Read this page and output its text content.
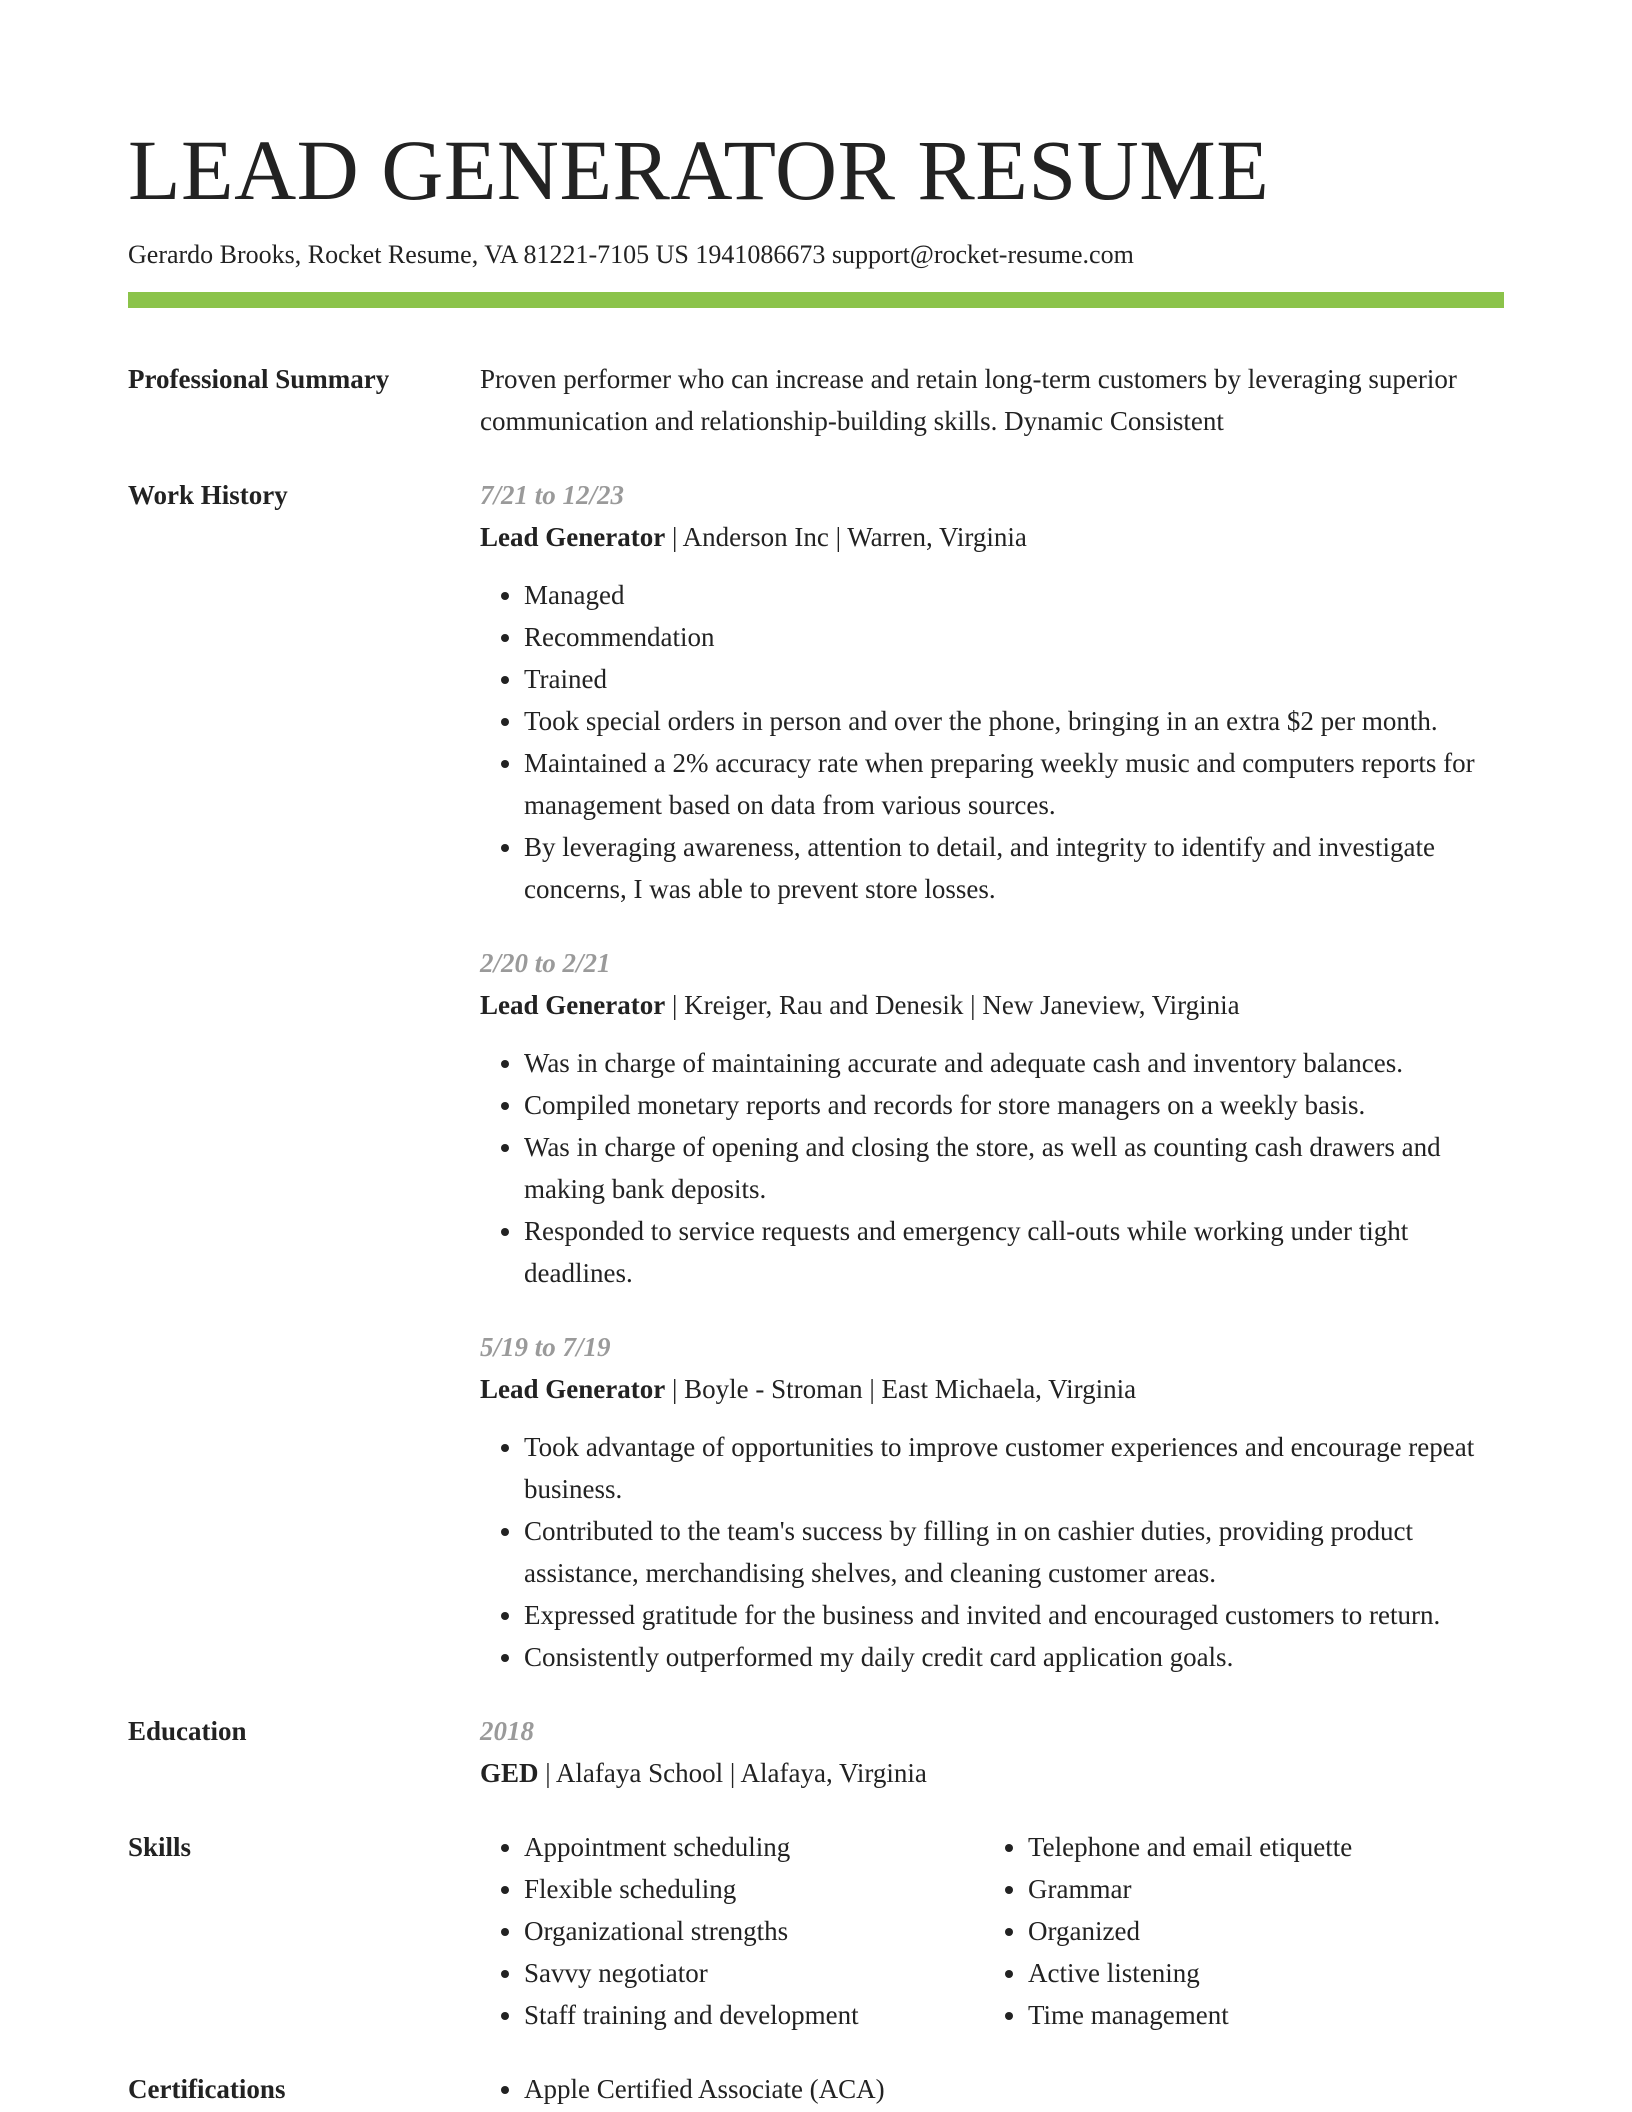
LEAD GENERATOR RESUME
Gerardo Brooks, Rocket Resume, VA 81221-7105 US 1941086673 support@rocket-resume.com
Professional Summary	Proven performer who can increase and retain long-term customers by leveraging superior communication and relationship-building skills. Dynamic Consistent

Work History	7/21 to 12/23
Lead Generator | Anderson Inc | Warren, Virginia
• Managed
• Recommendation
• Trained
• Took special orders in person and over the phone, bringing in an extra $2 per month.
• Maintained a 2% accuracy rate when preparing weekly music and computers reports for management based on data from various sources.
• By leveraging awareness, attention to detail, and integrity to identify and investigate concerns, I was able to prevent store losses.
2/20 to 2/21
Lead Generator | Kreiger, Rau and Denesik | New Janeview, Virginia
• Was in charge of maintaining accurate and adequate cash and inventory balances.
• Compiled monetary reports and records for store managers on a weekly basis.
• Was in charge of opening and closing the store, as well as counting cash drawers and making bank deposits.
• Responded to service requests and emergency call-outs while working under tight deadlines.
5/19 to 7/19
Lead Generator | Boyle - Stroman | East Michaela, Virginia
• Took advantage of opportunities to improve customer experiences and encourage repeat business.
• Contributed to the team's success by filling in on cashier duties, providing product assistance, merchandising shelves, and cleaning customer areas.
• Expressed gratitude for the business and invited and encouraged customers to return.
• Consistently outperformed my daily credit card application goals.
Education	2018
GED | Alafaya School | Alafaya, Virginia
Skills	• Appointment scheduling
• Flexible scheduling
• Organizational strengths
• Savvy negotiator
• Staff training and development
• Telephone and email etiquette
• Grammar
• Organized
• Active listening
• Time management
Certifications	• Apple Certified Associate (ACA)
